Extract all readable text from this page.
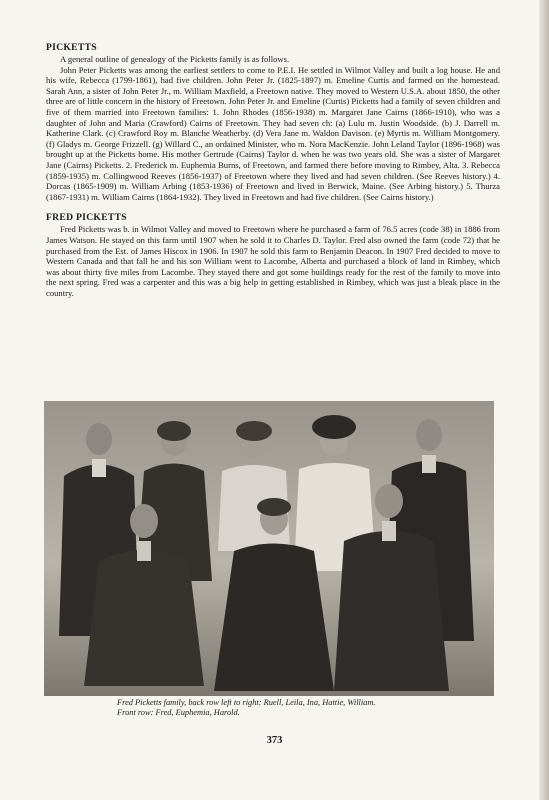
PICKETTS

A general outline of genealogy of the Picketts family is as follows.

John Peter Picketts was among the earliest settlers to come to P.E.I. He settled in Wilmot Valley and built a log house. He and his wife, Rebecca (1799-1861), had five children. John Peter Jr. (1825-1897) m. Emeline Curtis and farmed on the homestead. Sarah Ann, a sister of John Peter Jr., m. William Maxfield, a Freetown native. They moved to Western U.S.A. about 1850, the other three are of little concern in the history of Freetown. John Peter Jr. and Emeline (Curtis) Picketts had a family of seven children and five of them married into Freetown families: 1. John Rhodes (1856-1938) m. Margaret Jane Cairns (1866-1910), who was a daughter of John and Maria (Crawford) Cairns of Freetown. They had seven ch: (a) Lulu m. Justin Woodside. (b) J. Darrell m. Katherine Clark. (c) Crawford Roy m. Blanche Weatherby. (d) Vera Jane m. Waldon Davison. (e) Myrtis m. William Montgomery. (f) Gladys m. George Frizzell. (g) Willard C., an ordained Minister, who m. Nora MacKenzie. John Leland Taylor (1896-1968) was brought up at the Picketts home. His mother Gertrude (Cairns) Taylor d. when he was two years old. She was a sister of Margaret Jane (Cairns) Picketts. 2. Frederick m. Euphemia Burns, of Freetown, and farmed there before moving to Rimbey, Alta. 3. Rebecca (1859-1935) m. Collingwood Reeves (1856-1937) of Freetown where they lived and had seven children. (See Reeves history.) 4. Dorcas (1865-1909) m. William Arbing (1853-1936) of Freetown and lived in Berwick, Maine. (See Arbing history.) 5. Thurza (1867-1931) m. William Cairns (1864-1932). They lived in Freetown and had five children. (See Cairns history.)

FRED PICKETTS

Fred Picketts was b. in Wilmot Valley and moved to Freetown where he purchased a farm of 76.5 acres (code 38) in 1886 from James Watson. He stayed on this farm until 1907 when he sold it to Charles D. Taylor. Fred also owned the farm (code 72) that he purchased from the Est. of James Hiscox in 1906. In 1907 he sold this farm to Benjamin Deacon. In 1907 Fred decided to move to Western Canada and that fall he and his son William went to Lacombe, Alberta and purchased a block of land in Rimbey, which was about thirty five miles from Lacombe. They stayed there and got some buildings ready for the rest of the family to move into the next spring. Fred was a carpenter and this was a big help in getting established in Rimbey, which was just a bleak place in the country.

Fred Picketts family, back row left to right: Ruell, Leila, Ina, Hattie, William.
Front row: Fred, Euphemia, Harold.
373
